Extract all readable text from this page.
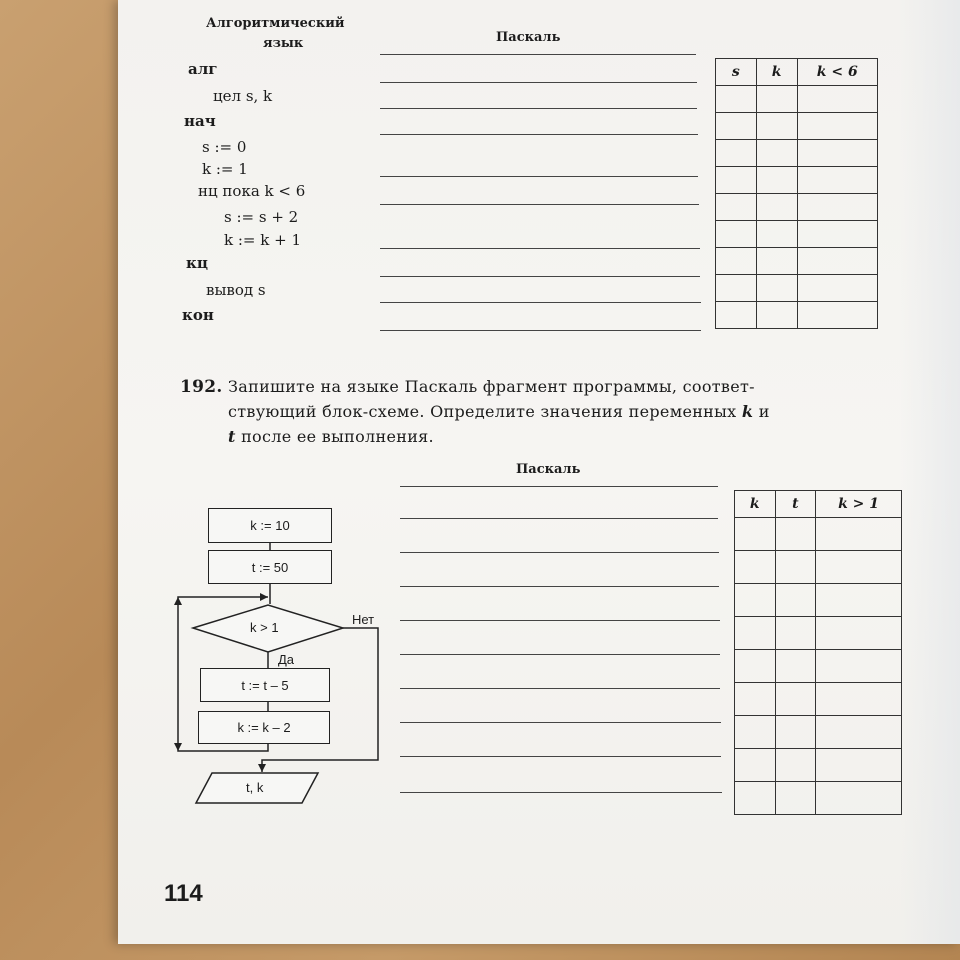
Алгоритмический
язык	Паскаль
алг
цел s, k
нач
s := 0
k := 1
нц пока k < 6
s := s + 2
k := k + 1
кц
вывод s
кон
s	k	k < 6

192. Запишите на языке Паскаль фрагмент программы, соответ-
ствующий блок-схеме. Определите значения переменных k и
t после ее выполнения.
Паскаль
k	t	k > 1

k := 10
t := 50
k > 1
Нет
Да
t := t – 5
k := k – 2
t, k
114
